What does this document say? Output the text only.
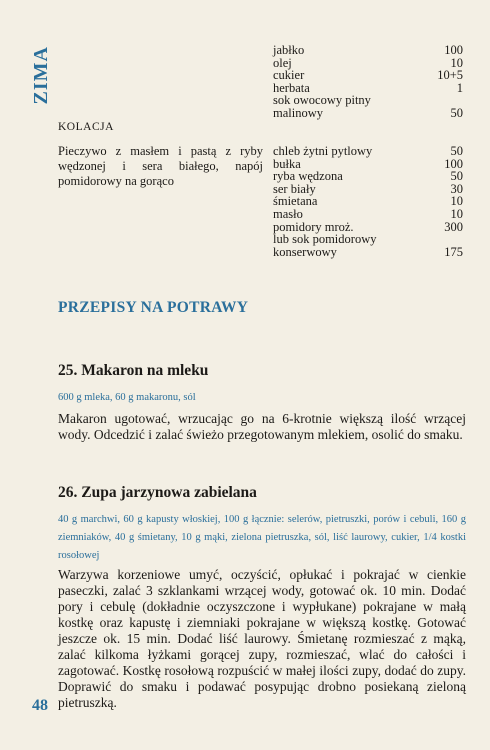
ZIMA
KOLACJA
Pieczywo z masłem i pastą z ryby wędzonej i sera białego, napój pomidorowy na gorąco
jabłko	100
olej	10
cukier	10+5
herbata	1
sok owocowy pitny
malinowy	50
chleb żytni pytlowy	50
bułka	100
ryba wędzona	50
ser biały	30
śmietana	10
masło	10
pomidory mroż.	300
lub sok pomidorowy
konserwowy	175
PRZEPISY NA POTRAWY
25. Makaron na mleku
600 g mleka, 60 g makaronu, sól
Makaron ugotować, wrzucając go na 6-krotnie większą ilość wrzącej wody. Odcedzić i zalać świeżo przegotowanym mlekiem, osolić do smaku.
26. Zupa jarzynowa zabielana
40 g marchwi, 60 g kapusty włoskiej, 100 g łącznie: selerów, pietruszki, porów i cebuli, 160 g ziemniaków, 40 g śmietany, 10 g mąki, zielona pietruszka, sól, liść laurowy, cukier, 1/4 kostki rosołowej
Warzywa korzeniowe umyć, oczyścić, opłukać i pokrajać w cienkie paseczki, zalać 3 szklankami wrzącej wody, gotować ok. 10 min. Dodać pory i cebulę (dokładnie oczyszczone i wypłukane) pokrajane w małą kostkę oraz kapustę i ziemniaki pokrajane w większą kostkę. Gotować jeszcze ok. 15 min. Dodać liść laurowy. Śmietanę rozmieszać z mąką, zalać kilkoma łyżkami gorącej zupy, rozmieszać, wlać do całości i zagotować. Kostkę rosołową rozpuścić w małej ilości zupy, dodać do zupy. Doprawić do smaku i podawać posypując drobno posiekaną zieloną pietruszką.
48
